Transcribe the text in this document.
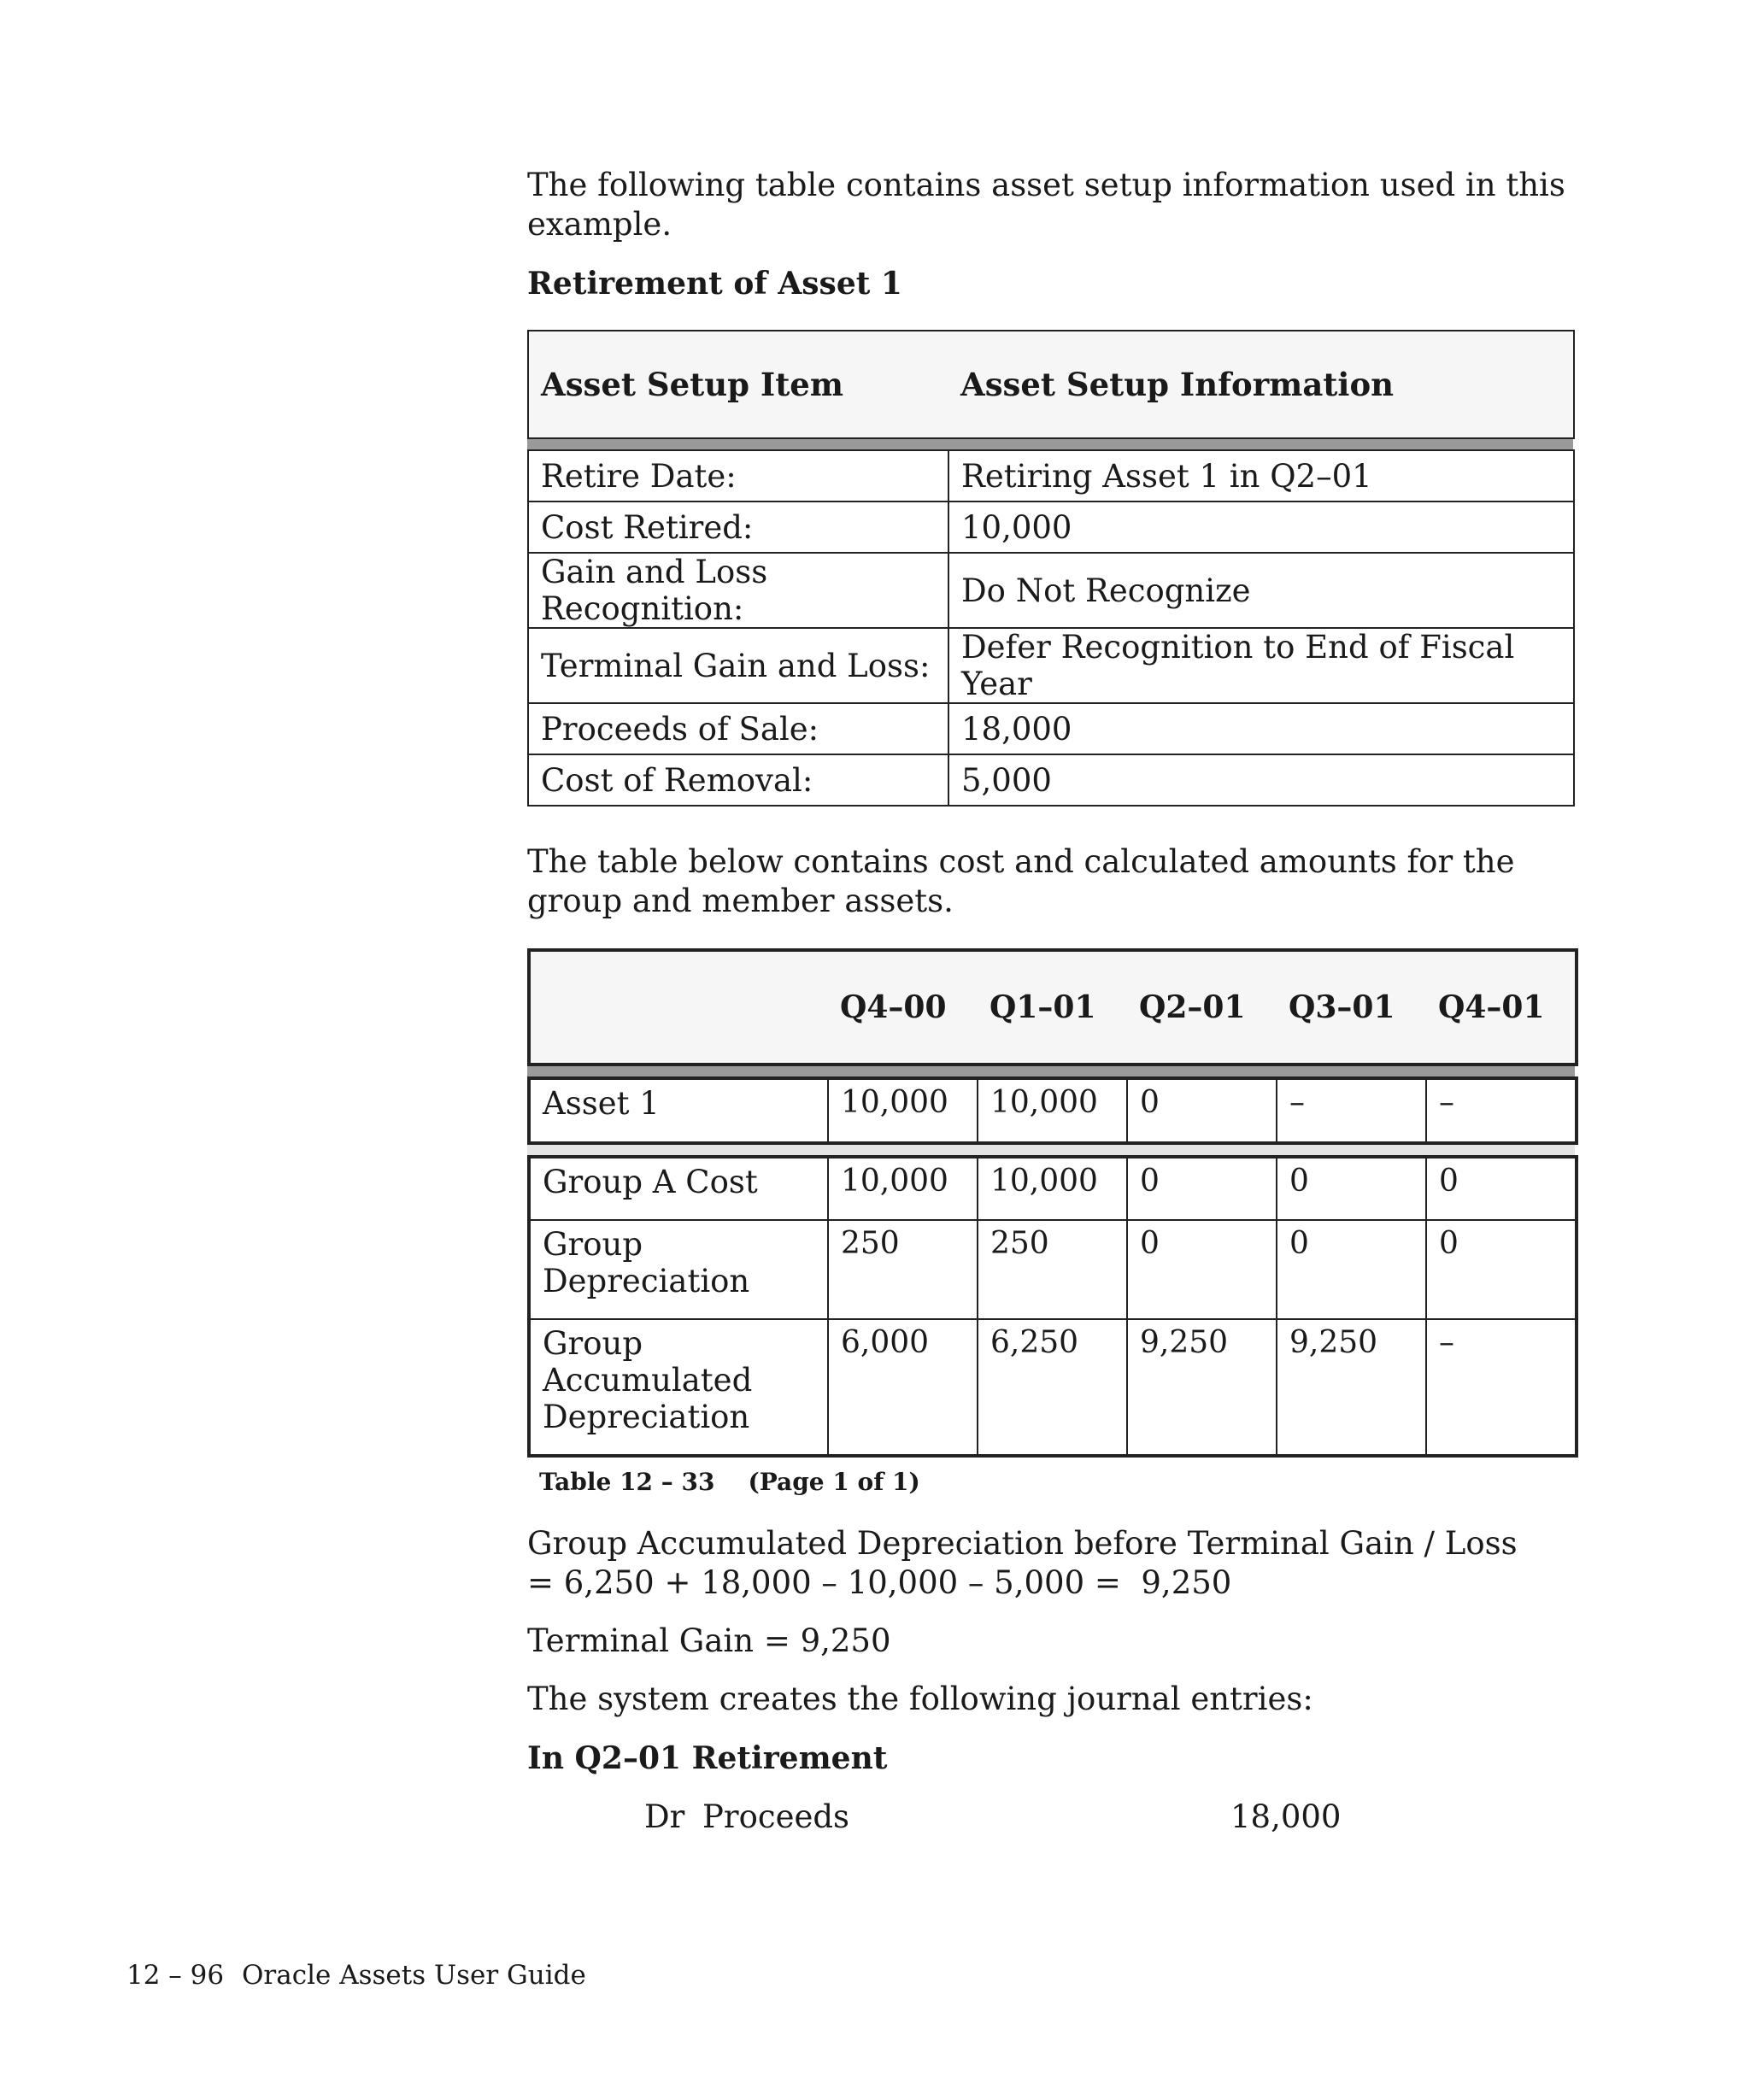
The following table contains asset setup information used in this example.

Retirement of Asset 1

Asset Setup Item	Asset Setup Information
Retire Date:	Retiring Asset 1 in Q2–01
Cost Retired:	10,000
Gain and Loss Recognition:	Do Not Recognize
Terminal Gain and Loss:	Defer Recognition to End of Fiscal Year
Proceeds of Sale:	18,000
Cost of Removal:	5,000

The table below contains cost and calculated amounts for the group and member assets.

	Q4–00	Q1–01	Q2–01	Q3–01	Q4–01
Asset 1	10,000	10,000	0	–	–
Group A Cost	10,000	10,000	0	0	0
Group Depreciation	250	250	0	0	0
Group Accumulated Depreciation	6,000	6,250	9,250	9,250	–
Table 12 – 33    (Page 1 of 1)

Group Accumulated Depreciation before Terminal Gain / Loss

= 6,250 + 18,000 – 10,000 – 5,000 =  9,250

Terminal Gain = 9,250

The system creates the following journal entries:

In Q2–01 Retirement

Dr Proceeds	18,000
12 – 96 Oracle Assets User Guide
